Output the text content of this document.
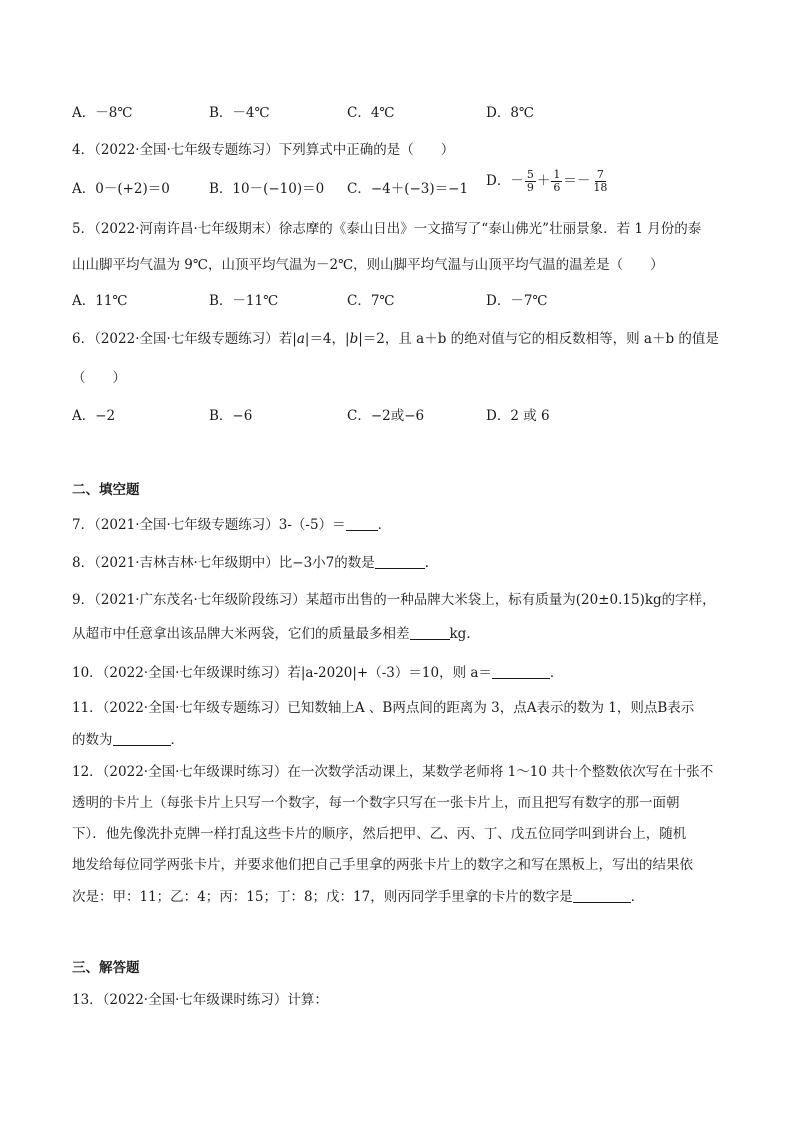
A．－8℃	B．－4℃	C．4℃	D．8℃
4．（2022·全国·七年级专题练习）下列算式中正确的是（　　）
A．0－(+2)＝0	B．10－(−10)＝0 C．−4＋(−3)＝−1 D．－ $\frac{5}{9} + \frac{1}{6} =- \frac{7}{18}$
5．（2022·河南许昌·七年级期末）徐志摩的《泰山日出》一文描写了“泰山佛光”壮丽景象．若 1 月份的泰
山山脚平均气温为 9℃，山顶平均气温为－2℃，则山脚平均气温与山顶平均气温的温差是（　　）
A．11℃	B．－11℃	C．7℃	D．－7℃
6．（2022·全国·七年级专题练习）若|a|＝4，|b|＝2，且 a＋b 的绝对值与它的相反数相等，则 a＋b 的值是
（　　）
A．−2	B．−6	C．−2或−6	D．2 或 6
二、填空题
7．（2021·全国·七年级专题练习）3-（-5）＝ ．
8．（2021·吉林吉林·七年级期中）比−3小7的数是	．
9．（2021·广东茂名·七年级阶段练习）某超市出售的一种品牌大米袋上，标有质量为(20±0.15)kg的字样，
从超市中任意拿出该品牌大米两袋，它们的质量最多相差	kg．
10．（2022·全国·七年级课时练习）若|a-2020|+（-3）＝10，则 a＝	．
11．（2022·全国·七年级专题练习）已知数轴上A 、B两点间的距离为 3，点A表示的数为 1，则点B表示
的数为	．
12．（2022·全国·七年级课时练习）在一次数学活动课上，某数学老师将 1～10 共十个整数依次写在十张不
透明的卡片上（每张卡片上只写一个数字，每一个数字只写在一张卡片上，而且把写有数字的那一面朝
下）．他先像洗扑克牌一样打乱这些卡片的顺序，然后把甲、乙、丙、丁、戊五位同学叫到讲台上，随机
地发给每位同学两张卡片，并要求他们把自己手里拿的两张卡片上的数字之和写在黑板上，写出的结果依
次是：甲：11；乙：4；丙：15；丁：8；戊：17，则丙同学手里拿的卡片的数字是	．
三、解答题
13．（2022·全国·七年级课时练习）计算：
